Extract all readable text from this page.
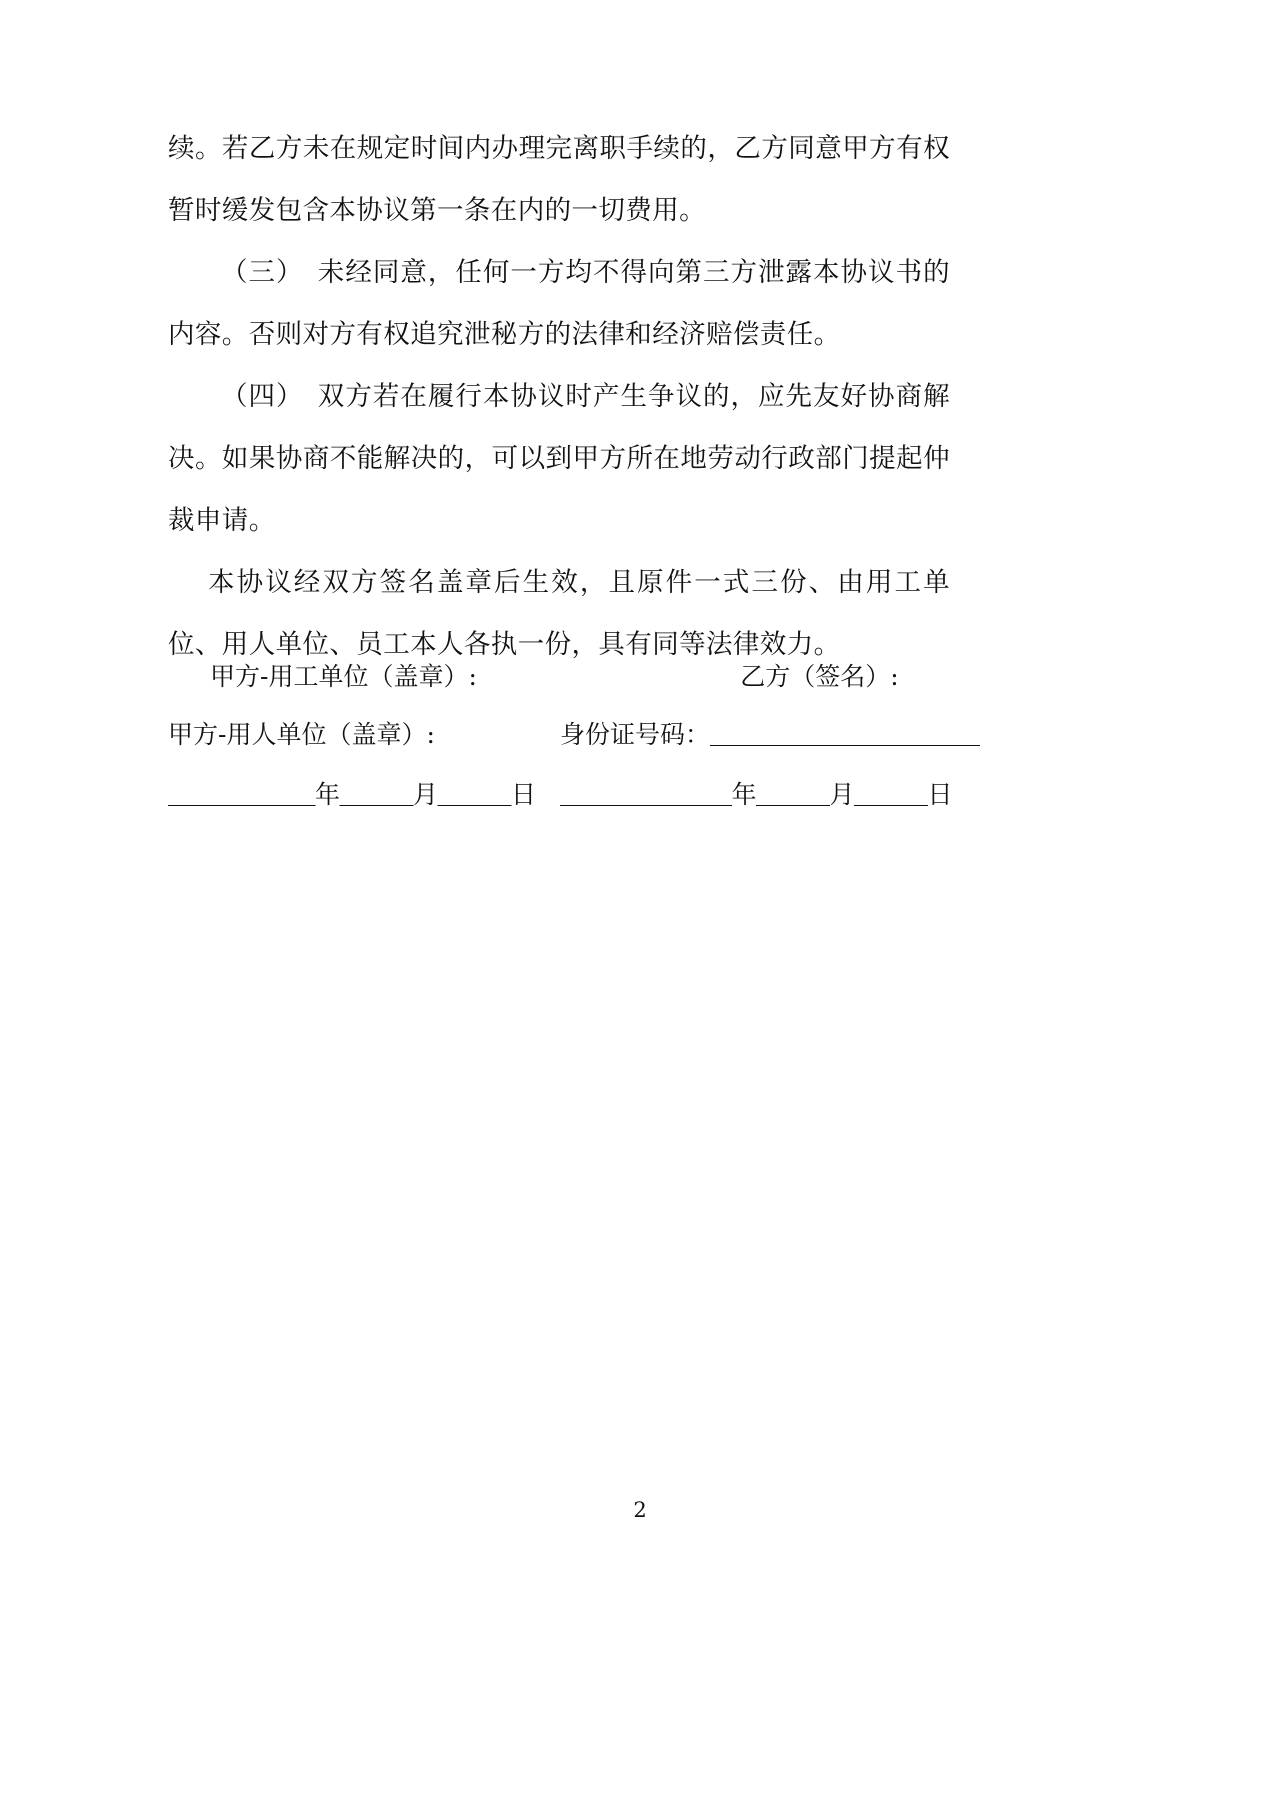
续。若乙方未在规定时间内办理完离职手续的，乙方同意甲方有权暂时缓发包含本协议第一条在内的一切费用。

（三）　未经同意，任何一方均不得向第三方泄露本协议书的内容。否则对方有权追究泄秘方的法律和经济赔偿责任。

（四）　双方若在履行本协议时产生争议的，应先友好协商解决。如果协商不能解决的，可以到甲方所在地劳动行政部门提起仲裁申请。

本协议经双方签名盖章后生效，且原件一式三份、由用工单位、用人单位、员工本人各执一份，具有同等法律效力。

甲方-用工单位（盖章）:	乙方（签名）:
甲方-用人单位（盖章）:	身份证号码：＿＿＿＿＿＿＿＿＿＿＿
＿＿＿＿＿＿年＿＿＿月＿＿＿日 ＿＿＿＿＿＿＿年＿＿＿月＿＿＿日
2
